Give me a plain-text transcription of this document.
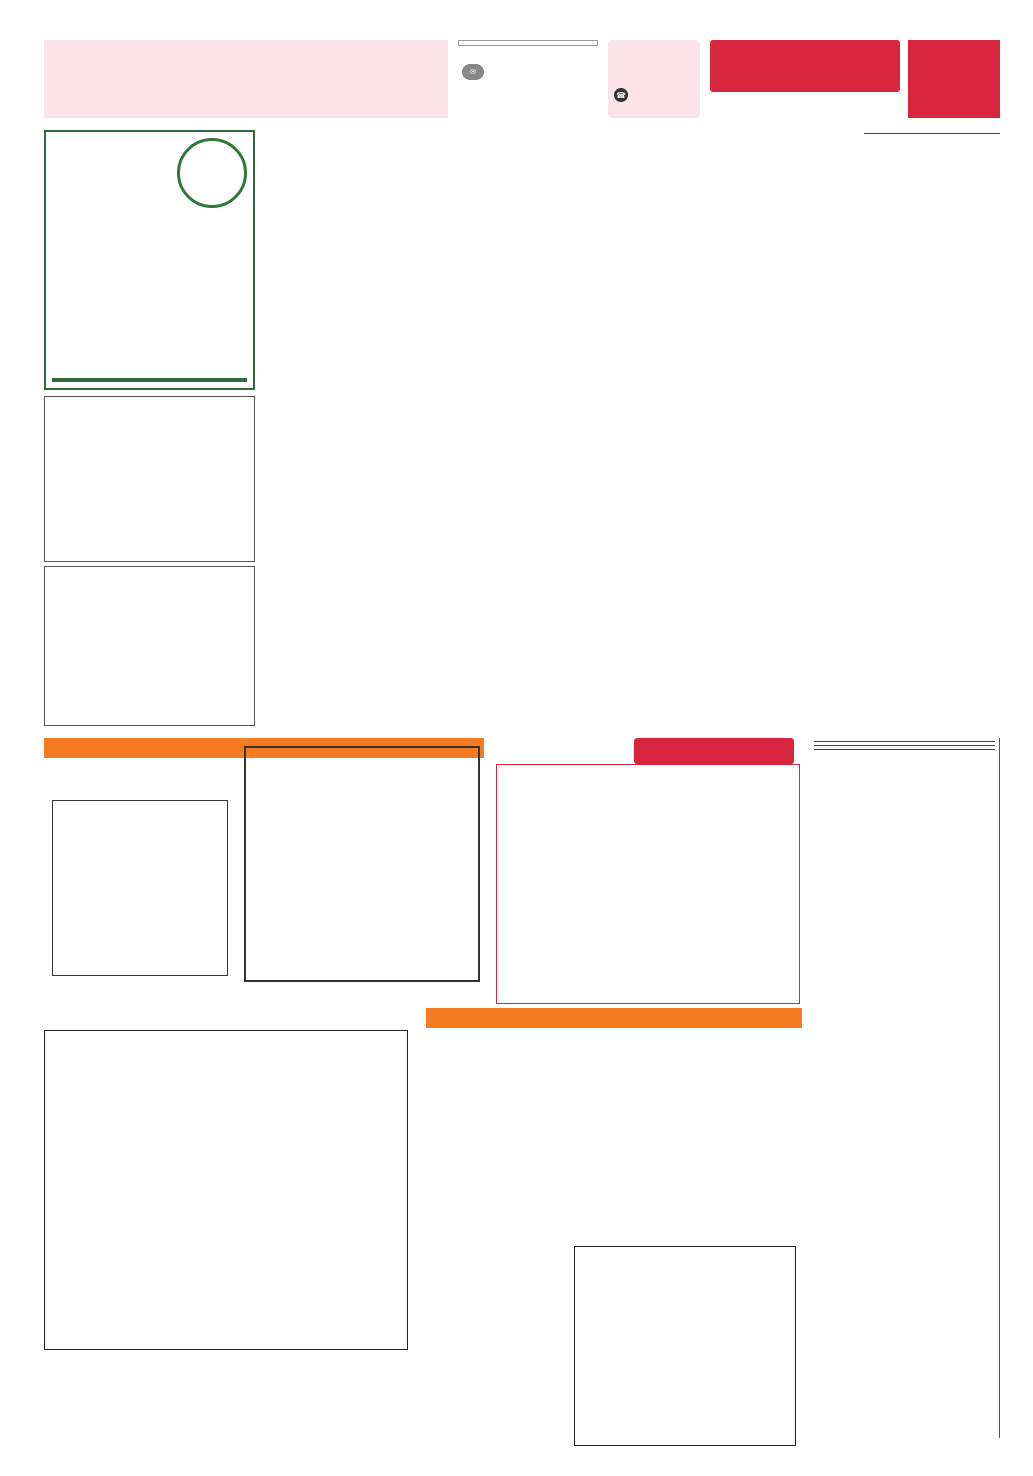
☎
✉
